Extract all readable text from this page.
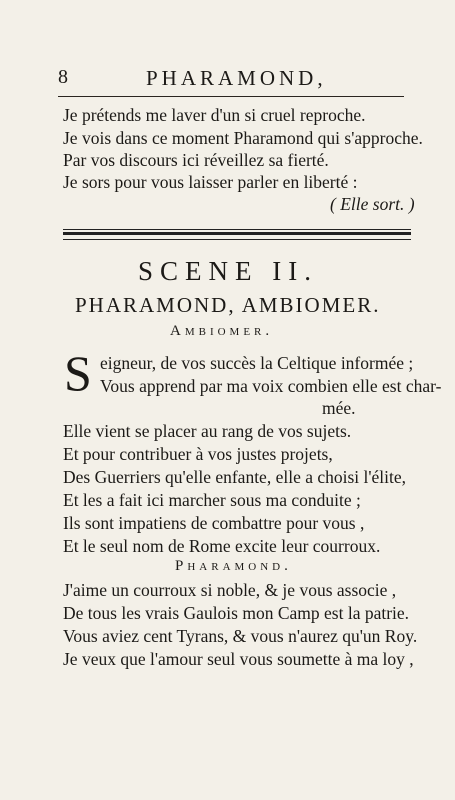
8	PHARAMOND,
Je prétends me laver d'un si cruel reproche.
Je vois dans ce moment Pharamond qui s'approche.
Par vos discours ici réveillez sa fierté.
Je sors pour vous laisser parler en liberté :
( Elle sort. )
SCENE II.
PHARAMOND, AMBIOMER.
Ambiomer.
S eigneur, de vos succès la Celtique informée ;
Vous apprend par ma voix combien elle est char-
mée.
Elle vient se placer au rang de vos sujets.
Et pour contribuer à vos justes projets,
Des Guerriers qu'elle enfante, elle a choisi l'élite,
Et les a fait ici marcher sous ma conduite ;
Ils sont impatiens de combattre pour vous ,
Et le seul nom de Rome excite leur courroux.
Pharamond.
J'aime un courroux si noble, & je vous associe ,
De tous les vrais Gaulois mon Camp est la patrie.
Vous aviez cent Tyrans, & vous n'aurez qu'un Roy.
Je veux que l'amour seul vous soumette à ma loy ,
